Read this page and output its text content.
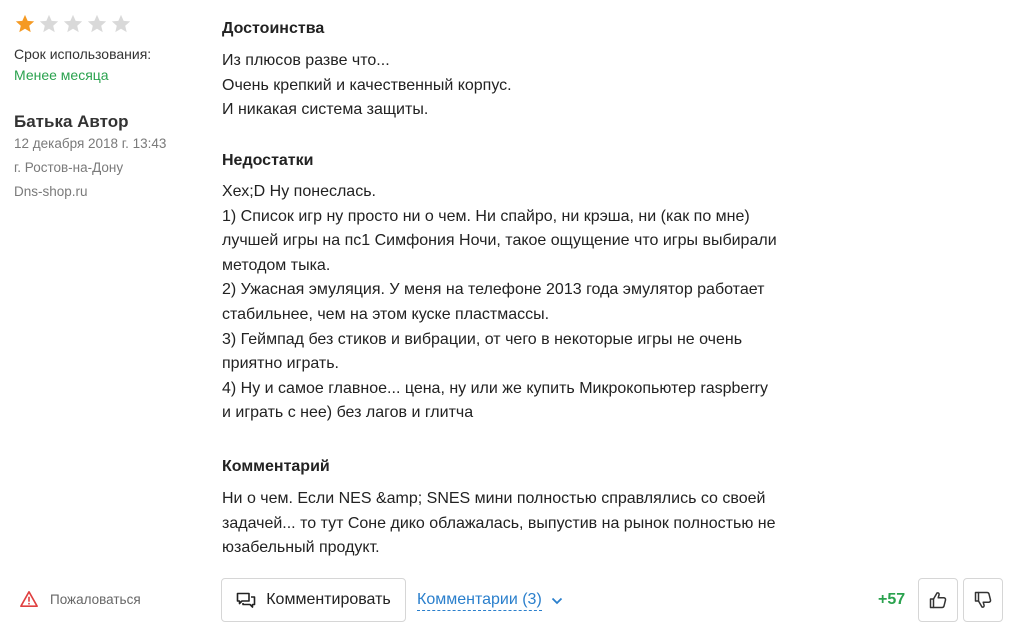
Срок использования:
Менее месяца
Батька Автор
12 декабря 2018 г. 13:43
г. Ростов-на-Дону
Dns-shop.ru
Достоинства
Из плюсов разве что...
Очень крепкий и качественный корпус.
И никакая система защиты.
Недостатки
Хех;D Ну понеслась.
1) Список игр ну просто ни о чем. Ни спайро, ни крэша, ни (как по мне)
лучшей игры на пс1 Симфония Ночи, такое ощущение что игры выбирали
методом тыка.
2) Ужасная эмуляция. У меня на телефоне 2013 года эмулятор работает
стабильнее, чем на этом куске пластмассы.
3) Геймпад без стиков и вибрации, от чего в некоторые игры не очень
приятно играть.
4) Ну и самое главное... цена, ну или же купить Микрокопьютер raspberry
и играть с нее) без лагов и глитча
Комментарий
Ни о чем. Если NES &amp; SNES мини полностью справлялись со своей
задачей... то тут Соне дико облажалась, выпустив на рынок полностью не
юзабельный продукт.
Пожаловаться	Комментировать Комментарии (3)	+57
